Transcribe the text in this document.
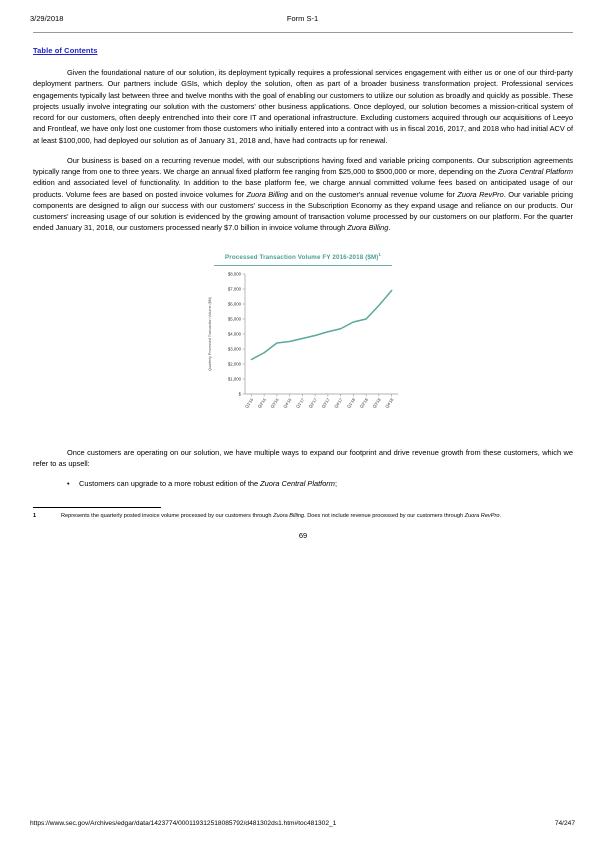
3/29/2018	Form S-1
Table of Contents

Given the foundational nature of our solution, its deployment typically requires a professional services engagement with either us or one of our third-party deployment partners. Our partners include GSIs, which deploy the solution, often as part of a broader business transformation project. Professional services engagements typically last between three and twelve months with the goal of enabling our customers to utilize our solution as broadly and quickly as possible. These projects usually involve integrating our solution with the customers' other business applications. Once deployed, our solution becomes a mission-critical system of record for our customers, often deeply entrenched into their core IT and operational infrastructure. Excluding customers acquired through our acquisitions of Leeyo and Frontleaf, we have only lost one customer from those customers who initially entered into a contract with us in fiscal 2016, 2017, and 2018 who had initial ACV of at least $100,000, had deployed our solution as of January 31, 2018 and, have had contracts up for renewal.

Our business is based on a recurring revenue model, with our subscriptions having fixed and variable pricing components. Our subscription agreements typically range from one to three years. We charge an annual fixed platform fee ranging from $25,000 to $500,000 or more, depending on the Zuora Central Platform edition and associated level of functionality. In addition to the base platform fee, we charge annual committed volume fees based on anticipated usage of our products. Volume fees are based on posted invoice volumes for Zuora Billing and on the customer's annual revenue volume for Zuora RevPro. Our variable pricing components are designed to align our success with our customers' success in the Subscription Economy as they expand usage and reliance on our products. Our customers' increasing usage of our solution is evidenced by the growing amount of transaction volume processed by our customers on our platform. For the quarter ended January 31, 2018, our customers processed nearly $7.0 billion in invoice volume through Zuora Billing.

Processed Transaction Volume FY 2016-2018 ($M)$^1$
Quarterly Processed Transaction Volume ($M)
$8,000
$7,000
$6,000
$5,000
$4,000
$3,000
$2,000
$1,000
$
Q1'16 Q2'16 Q3'16 Q4'16 Q1'17 Q2'17 Q3'17 Q4'17 Q1'18 Q2'18 Q3'18 Q4'18

Once customers are operating on our solution, we have multiple ways to expand our footprint and drive revenue growth from these customers, which we refer to as upsell:

•	Customers can upgrade to a more robust edition of the Zuora Central Platform;
1	Represents the quarterly posted invoice volume processed by our customers through Zuora Billing. Does not include revenue processed by our customers through Zuora RevPro.
69
https://www.sec.gov/Archives/edgar/data/1423774/000119312518085792/d481302ds1.htm#toc481302_1	74/247
